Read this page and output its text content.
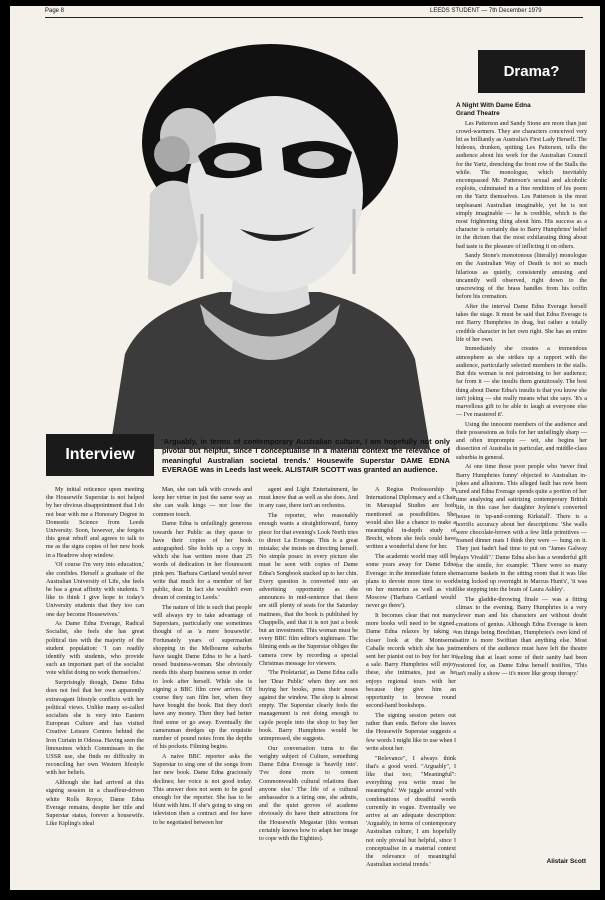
Page 8	LEEDS STUDENT — 7th December 1979
Drama?

A Night With Dame Edna

Grand Theatre

Les Patterson and Sandy Stone are more than just crowd-warmers. They are characters conceived very bit as brilliantly as Australia's First Lady Herself. The hideous, drunken, spitting Les Patterson, tells the audience about his work for the Australian Council for the Yartz, drenching the front row of the Stalls the while. The monologue, which inevitably encompassed Mr. Patterson's sexual and alcoholic exploits, culminated in a fine rendition of his poem on the Yartz themselves. Les Patterson is the most unpleasant Australian imaginable, yet he is not simply imaginable — he is credible, which is the most frightening thing about him. His success as a character is certainly due to Barry Humphries' belief in the dictum that the most exhilarating thing about bad taste is the pleasure of inflicting it on others.

Sandy Stone's monotonous (literally) monologue on the Australian Way of Death is not so much hilarious as quietly, consistently amusing and uncannily well observed, right down to the unscrewing of the brass handles from his coffin before his cremation.

After the interval Dame Edna Everage herself takes the stage. It must be said that Edna Everage is not Barry Humphries in drag, but rather a totally credible character in her own right. She has an entire life of her own.

Immediately she creates a tremendous atmosphere as she strikes up a rapport with the audience, particularly selected members in the stalls. But this woman is not patronising to her audience; far from it — she insults them gratuitously. The best thing about Dame Edna's insults is that you know she isn't joking — she really means what she says. 'It's a marvellous gift to be able to laugh at everyone else — I've mastered it'.

Using the innocent members of the audience and their possessions as foils for her unfailingly sharp — and often impromptu — wit, she begins her dissection of Australia in particular, and middle-class suburbia in general.

At one time those poor people who 'never find Barry Humphries funny' objected to Australian in-jokes and allusions. This alleged fault has now been cured and Edna Everage spends quite a portion of her time analysing and satirizing contemporary British life, in this case her daughter Joylene's converted house in 'up-and-coming Kirkstall'. There is a horrific accuracy about her descriptions: 'She walls were chocolate-brown with a few little primitives — framed dinner mats I think they were — hung on it. They just hadn't had time to put on "James Galway plays Vivaldi".' Dame Edna also has a wonderful gift for the simile, for example: 'There were so many macrame baskets in the sitting room that it was like being locked up overnight in Marcus Hunt's', 'it was like stepping into the brain of Laura Ashley'.

The gladdie-throwing finale — was a fitting climax to the evening. Barry Humphries is a very clever man and his characters are without doubt creations of genius. Although Edna Everage is keen on things being Brechtian, Humphries's own kind of satire is more Swiftian than anything else. Most members of the audience must have left the theatre feeling that at least some of their sanity had been restored for, as Dame Edna herself testifies, 'This isn't really a show — it's more like group therapy.'

Alistair Scott
Interview
'Arguably, in terms of contemporary Australian culture, I am hopefully not only pivotal but helpful, since I conceptualise in a material context the relevance of meaningful Australian societal trends.' Housewife Superstar DAME EDNA EVERAGE was in Leeds last week. ALISTAIR SCOTT was granted an audience.

My initial reticence upon meeting the Housewife Superstar is not helped by her obvious disappointment that I do not bear with me a Honorary Degree in Domestic Science from Leeds University. Soon, however, she forgets this great rebuff and agrees to talk to me as the signs copies of her new book in a Headrow shop window.

'Of course I'm very into education,' she confides. Herself a graduate of the Australian University of Life, she feels he has a great affinity with students. 'I like to think I give hope to today's University students that they too can one day become Housewives.'

As Dame Edna Everage, Radical Socialist, she feels she has great political ties with the majority of the student population: 'I can readily identify with students, who provide such an important part of the socialist vote whilst doing no work themselves.'

Surprisingly though, Dame Edna does not feel that her own apparently extravagant lifestyle conflicts with her political views. Unlike many so-called socialists she is very into Eastern European Culture and has visited Creative Leisure Centres behind the Iron Curtain in Odessa. Having seen the limousines which Commissars in the USSR use, she finds no difficulty in reconciling her own Western lifestyle with her beliefs.

Although she had arrived at this signing session in a chauffeur-driven white Rolls Royce, Dame Edna Everage remains, despite her title and Superstar status, forever a housewife. Like Kipling's ideal

Man, she can talk with crowds and keep her virtue in just the same way as she can walk kings — nor lose the common touch.

Dame Edna is unfailingly generous towards her Public as they queue to have their copies of her book autographed. She holds up a copy in which she has written more than 25 words of dedication in her flourescent pink pen. 'Barbara Cartland would never write that much for a member of her public, dear. In fact she wouldn't even dream of coming to Leeds.'

The nature of life is such that people will always try to take advantage of Superstars, particularly one sometimes thought of as 'a mere housewife'. Fortunately years of supermarket shopping in the Melbourne suburbs have taught Dame Edna to be a hard-nosed business-woman. She obviously needs this sharp business sense in order to look after herself. While she is signing a BBC film crew arrives. Of course they can film her, when they have bought the book. But they don't have any money. Then they had better find some or go away. Eventually the cameraman dredges up the requisite number of pound notes from the depths of his pockets. Filming begins.

A naive BBC reporter asks the Superstar to sing one of the songs from her new book. Dame Edna graciously declines; her voice is not good today. This answer does not seem to be good enough for the reporter. She has to be blunt with him. If she's going to sing on television then a contract and fee have to be negotiated between her

agent and Light Entertainment, he must know that as well as she does. And in any case, there isn't an orchestra.

The reporter, who reasonably enough wants a straightforward, funny piece for that evening's Look North tries to direct La Everage. This is a great mistake; she insists on directing herself. No simple poses: in every picture she must be seen with copies of Dame Edna's Songbook stacked up to her chin. Every question is converted into an advertising opportunity as she announces in mid-sentence that there are still plenty of seats for the Saturday matinees, that the book is published by Chappells, and that it is not just a book but an investment. This woman must be every BBC film editor's nightmare. The filming ends as the Superstar obliges the camera crew by recording a special Christmas message for viewers.

'The Proletariat', as Dame Edna calls her 'Dear Public' when they are not buying her books, press their noses against the window. The shop is almost empty. The Superstar clearly feels the management is not doing enough to cajole people into the shop to buy her book. Barry Humphries would be unimpressed, she suggests.

Our conversation turns to the weighty subject of Culture, something Dame Edna Everage is 'heavily into'. 'I've done more to cement Commonwealth cultural relations than anyone else.' The life of a cultural ambassador is a tiring one, she admits, and the quiet groves of academe obviously do have their attractions for the Housewife Megastar (this woman certainly knows how to adapt her image to cope with the Eighties).

A Regius Professorship in International Diplomacy and a Chair in Marsupial Studies are both mentioned as possibilities. She would also like a chance to make a meaningful in-depth study of Brecht, whom she feels could have written a wonderful show for her.

The academic world may still be some years away for Dame Edna Everage: in the immediate future she plans to devote more time to work on her memoirs as well as visit Moscow ('Barbara Cartland would never go there').

It becomes clear that not many more books will need to be signed. Dame Edna relaxes by taking a closer look at the Montserrat Caballe records which she has just sent her pianist out to buy for her in a sale. Barry Humphries will enjoy these, she intimates, just as he enjoys regional tours with her because they give him an opportunity to browse round second-hand bookshops.

The signing session peters out rather than ends. Before she leaves the Housewife Superstar suggests a few words I might like to use when I write about her.

"Relevance", I always think that's a good word. "Arguably", I like that too; "Meaningful": everything you write must be meaningful.' We juggle around with combinations of dreadful words currently in vogue. Eventually we arrive at an adequate description: 'Arguably, in terms of contemporary Australian culture, I am hopefully not only pivotal but helpful, since I conceptualise in a material context the relevance of meaningful Australian societal trends.'
